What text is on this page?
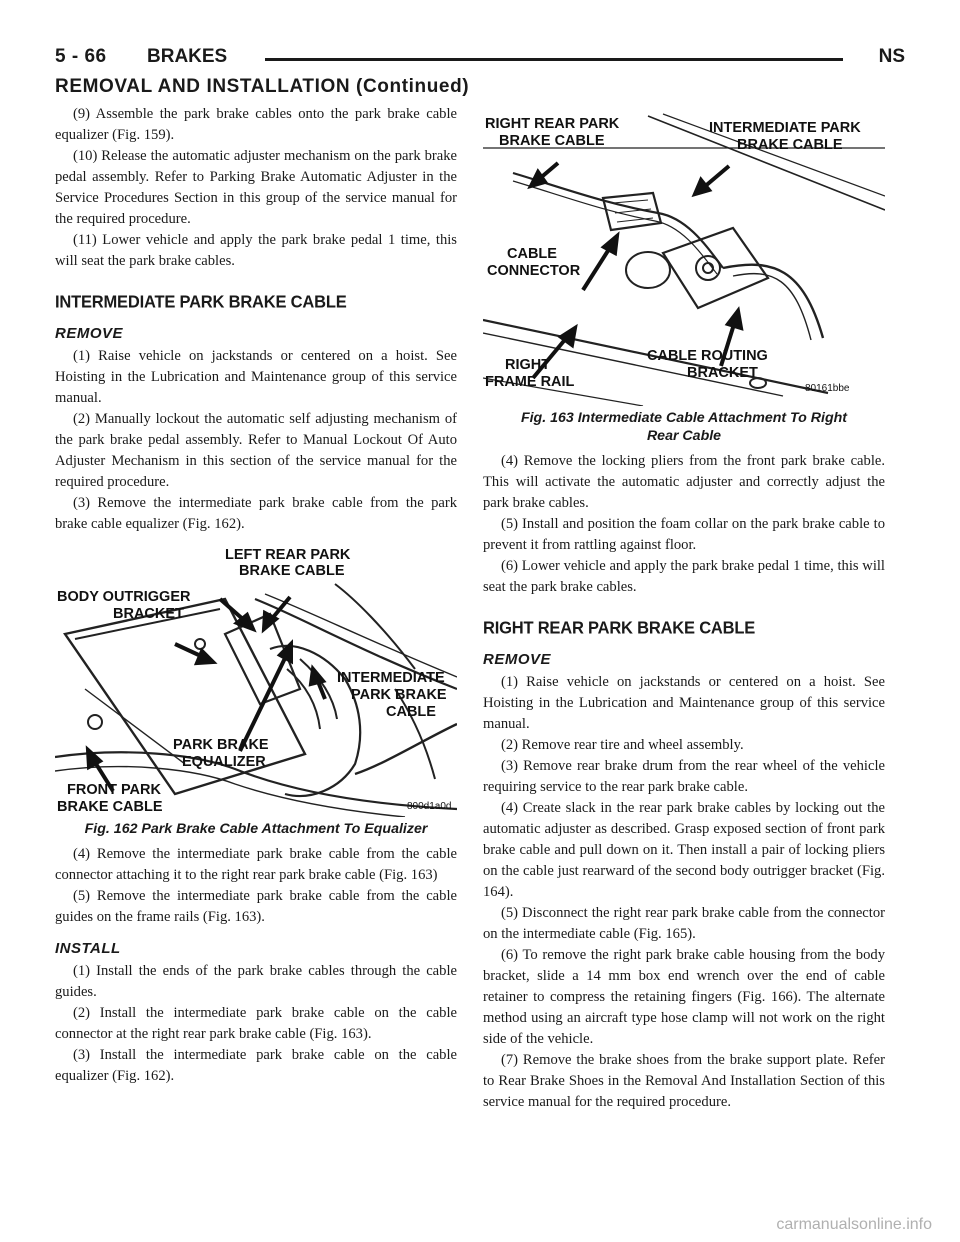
5 - 66 BRAKES	NS
REMOVAL AND INSTALLATION (Continued)

(9) Assemble the park brake cables onto the park brake cable equalizer (Fig. 159).

(10) Release the automatic adjuster mechanism on the park brake pedal assembly. Refer to Parking Brake Automatic Adjuster in the Service Procedures Section in this group of the service manual for the required procedure.

(11) Lower vehicle and apply the park brake pedal 1 time, this will seat the park brake cables.

INTERMEDIATE PARK BRAKE CABLE
REMOVE

(1) Raise vehicle on jackstands or centered on a hoist. See Hoisting in the Lubrication and Maintenance group of this service manual.

(2) Manually lockout the automatic self adjusting mechanism of the park brake pedal assembly. Refer to Manual Lockout Of Auto Adjuster Mechanism in this section of the service manual for the required procedure.

(3) Remove the intermediate park brake cable from the park brake cable equalizer (Fig. 162).

LEFT REAR PARK
BRAKE CABLE
BODY OUTRIGGER
BRACKET
INTERMEDIATE
PARK BRAKE
CABLE
PARK BRAKE
EQUALIZER
FRONT PARK
BRAKE CABLE	800d1a0d
Fig. 162 Park Brake Cable Attachment To Equalizer

(4) Remove the intermediate park brake cable from the cable connector attaching it to the right rear park brake cable (Fig. 163)

(5) Remove the intermediate park brake cable from the cable guides on the frame rails (Fig. 163).

INSTALL

(1) Install the ends of the park brake cables through the cable guides.

(2) Install the intermediate park brake cable on the cable connector at the right rear park brake cable (Fig. 163).

(3) Install the intermediate park brake cable on the cable equalizer (Fig. 162).

RIGHT REAR PARK
BRAKE CABLE
INTERMEDIATE PARK
BRAKE CABLE
CABLE
CONNECTOR
RIGHT
FRAME RAIL
CABLE ROUTING
BRACKET
80161bbe
Fig. 163 Intermediate Cable Attachment To Right
Rear Cable

(4) Remove the locking pliers from the front park brake cable. This will activate the automatic adjuster and correctly adjust the park brake cables.

(5) Install and position the foam collar on the park brake cable to prevent it from rattling against floor.

(6) Lower vehicle and apply the park brake pedal 1 time, this will seat the park brake cables.

RIGHT REAR PARK BRAKE CABLE
REMOVE

(1) Raise vehicle on jackstands or centered on a hoist. See Hoisting in the Lubrication and Maintenance group of this service manual.

(2) Remove rear tire and wheel assembly.

(3) Remove rear brake drum from the rear wheel of the vehicle requiring service to the rear park brake cable.

(4) Create slack in the rear park brake cables by locking out the automatic adjuster as described. Grasp exposed section of front park brake cable and pull down on it. Then install a pair of locking pliers on the cable just rearward of the second body outrigger bracket (Fig. 164).

(5) Disconnect the right rear park brake cable from the connector on the intermediate cable (Fig. 165).

(6) To remove the right park brake cable housing from the body bracket, slide a 14 mm box end wrench over the end of cable retainer to compress the retaining fingers (Fig. 166). The alternate method using an aircraft type hose clamp will not work on the right side of the vehicle.

(7) Remove the brake shoes from the brake support plate. Refer to Rear Brake Shoes in the Removal And Installation Section of this service manual for the required procedure.

carmanualsonline.info
